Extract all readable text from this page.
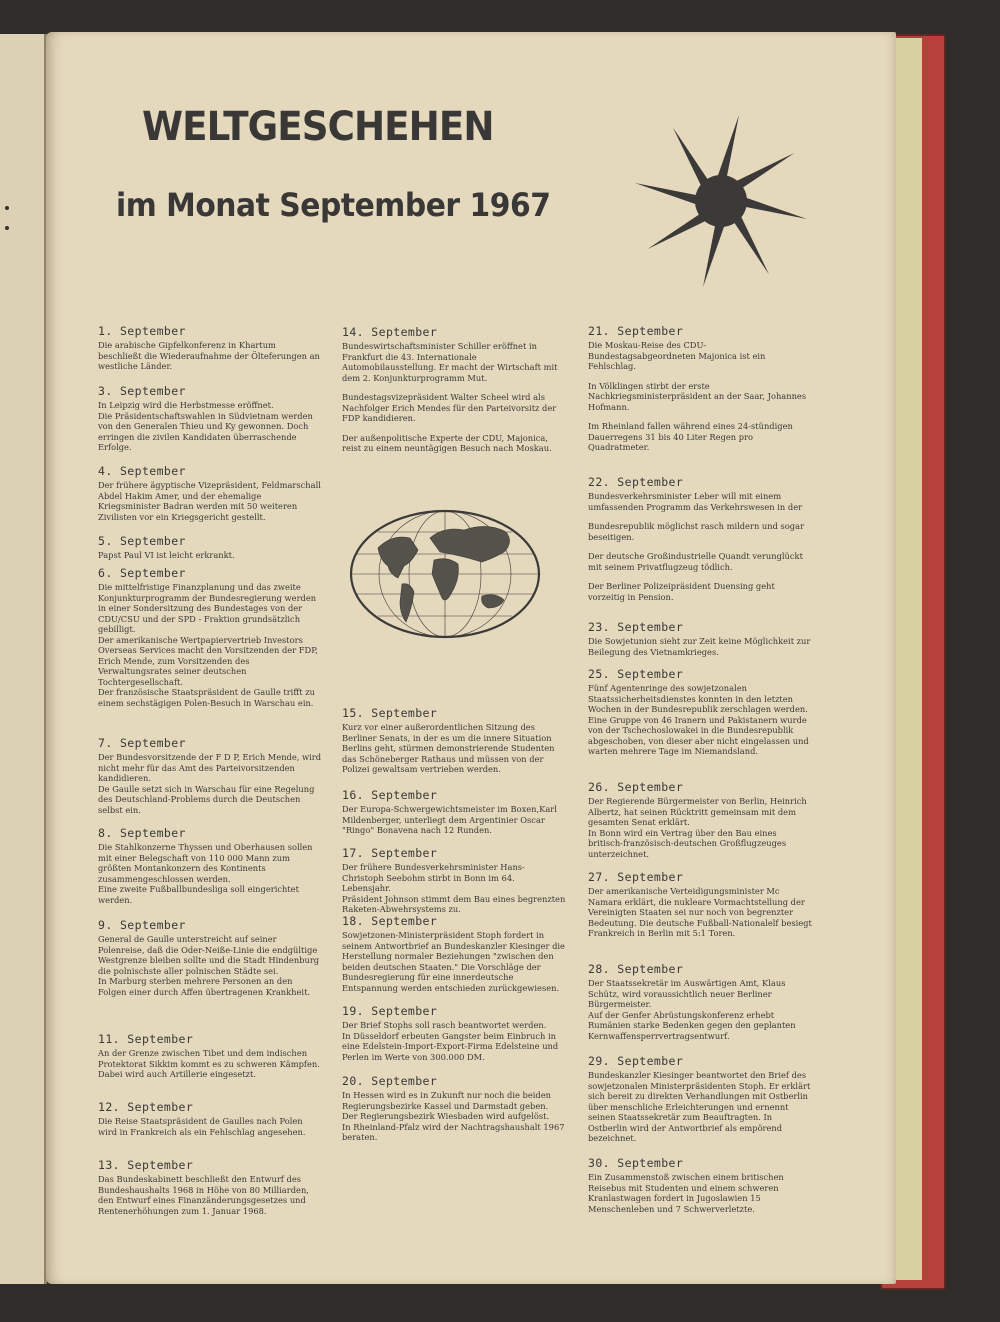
WELTGESCHEHEN
im Monat September 1967
1. September

Die arabische Gipfelkonferenz in Khartum beschließt die Wiederaufnahme der Ölteferungen an westliche Länder.

3. September

In Leipzig wird die Herbstmesse eröffnet.

Die Präsidentschaftswahlen in Südvietnam werden von den Generalen Thieu und Ky gewonnen. Doch erringen die zivilen Kandidaten überraschende Erfolge.

4. September

Der frühere ägyptische Vizepräsident, Feldmarschall Abdel Hakim Amer, und der ehemalige Kriegsminister Badran werden mit 50 weiteren Zivilisten vor ein Kriegsgericht gestellt.

5. September

Papst Paul VI ist leicht erkrankt.

6. September

Die mittelfristige Finanzplanung und das zweite Konjunkturprogramm der Bundesregierung werden in einer Sondersitzung des Bundestages von der CDU/CSU und der SPD - Fraktion grundsätzlich gebilligt.

Der amerikanische Wertpapiervertrieb Investors Overseas Services macht den Vorsitzenden der FDP, Erich Mende, zum Vorsitzenden des Verwaltungsrates seiner deutschen Tochtergesellschaft.

Der französische Staatspräsident de Gaulle trifft zu einem sechstägigen Polen-Besuch in Warschau ein.

7. September

Der Bundesvorsitzende der F D P, Erich Mende, wird nicht mehr für das Amt des Parteivorsitzenden kandidieren.

De Gaulle setzt sich in Warschau für eine Regelung des Deutschland-Problems durch die Deutschen selbst ein.

8. September

Die Stahlkonzerne Thyssen und Oberhausen sollen mit einer Belegschaft von 110 000 Mann zum größten Montankonzern des Kontinents zusammengeschlossen werden.

Eine zweite Fußballbundesliga soll eingerichtet werden.

9. September

General de Gaulle unterstreicht auf seiner Polenreise, daß die Oder-Neiße-Linie die endgültige Westgrenze bleiben sollte und die Stadt Hindenburg die polnischste aller polnischen Städte sei.

In Marburg sterben mehrere Personen an den Folgen einer durch Affen übertragenen Krankheit.

11. September

An der Grenze zwischen Tibet und dem indischen Protektorat Sikkim kommt es zu schweren Kämpfen. Dabei wird auch Artillerie eingesetzt.

12. September

Die Reise Staatspräsident de Gaulles nach Polen wird in Frankreich als ein Fehlschlag angesehen.

13. September

Das Bundeskabinett beschließt den Entwurf des Bundeshaushalts 1968 in Höhe von 80 Milliarden, den Entwurf eines Finanzänderungsgesetzes und Rentenerhöhungen zum 1. Januar 1968.

14. September

Bundeswirtschaftsminister Schiller eröffnet in Frankfurt die 43. Internationale Automobilausstellung. Er macht der Wirtschaft mit dem 2. Konjunkturprogramm Mut.

Bundestagsvizepräsident Walter Scheel wird als Nachfolger Erich Mendes für den Parteivorsitz der FDP kandidieren.

Der außenpolitische Experte der CDU, Majonica, reist zu einem neuntägigen Besuch nach Moskau.

15. September

Kurz vor einer außerordentlichen Sitzung des Berliner Senats, in der es um die innere Situation Berlins geht, stürmen demonstrierende Studenten das Schöneberger Rathaus und müssen von der Polizei gewaltsam vertrieben werden.

16. September

Der Europa-Schwergewichtsmeister im Boxen,Karl Mildenberger, unterliegt dem Argentinier Oscar "Ringo" Bonavena nach 12 Runden.

17. September

Der frühere Bundesverkehrsminister Hans-Christoph Seebohm stirbt in Bonn im 64. Lebensjahr.

Präsident Johnson stimmt dem Bau eines begrenzten Raketen-Abwehrsystems zu.

18. September

Sowjetzonen-Ministerpräsident Stoph fordert in seinem Antwortbrief an Bundeskanzler Kiesinger die Herstellung normaler Beziehungen "zwischen den beiden deutschen Staaten." Die Vorschläge der Bundesregierung für eine innerdeutsche Entspannung werden entschieden zurückgewiesen.

19. September

Der Brief Stophs soll rasch beantwortet werden.

In Düsseldorf erbeuten Gangster beim Einbruch in eine Edelstein-Import-Export-Firma Edelsteine und Perlen im Werte von 300.000 DM.

20. September

In Hessen wird es in Zukunft nur noch die beiden Regierungsbezirke Kassel und Darmstadt geben. Der Regierungsbezirk Wiesbaden wird aufgelöst.

In Rheinland-Pfalz wird der Nachtragshaushalt 1967 beraten.

21. September

Die Moskau-Reise des CDU-Bundestagsabgeordneten Majonica ist ein Fehlschlag.

In Völklingen stirbt der erste Nachkriegsministerpräsident an der Saar, Johannes Hofmann.

Im Rheinland fallen während eines 24-stündigen Dauerregens 31 bis 40 Liter Regen pro Quadratmeter.

22. September

Bundesverkehrsminister Leber will mit einem umfassenden Programm das Verkehrswesen in der

Bundesrepublik möglichst rasch mildern und sogar beseitigen.

Der deutsche Großindustrielle Quandt verunglückt mit seinem Privatflugzeug tödlich.

Der Berliner Polizeipräsident Duensing geht vorzeitig in Pension.

23. September

Die Sowjetunion sieht zur Zeit keine Möglichkeit zur Beilegung des Vietnamkrieges.

25. September

Fünf Agentenringe des sowjetzonalen Staatssicherheitsdienstes konnten in den letzten Wochen in der Bundesrepublik zerschlagen werden. Eine Gruppe von 46 Iranern und Pakistanern wurde von der Tschechoslowakei in die Bundesrepublik abgeschoben, von dieser aber nicht eingelassen und warten mehrere Tage im Niemandsland.

26. September

Der Regierende Bürgermeister von Berlin, Heinrich Albertz, hat seinen Rücktritt gemeinsam mit dem gesamten Senat erklärt.

In Bonn wird ein Vertrag über den Bau eines britisch-französisch-deutschen Großflugzeuges unterzeichnet.

27. September

Der amerikanische Verteidigungsminister Mc Namara erklärt, die nukleare Vormachtstellung der Vereinigten Staaten sei nur noch von begrenzter Bedeutung. Die deutsche Fußball-Nationalelf besiegt Frankreich in Berlin mit 5:1 Toren.

28. September

Der Staatssekretär im Auswärtigen Amt, Klaus Schütz, wird voraussichtlich neuer Berliner Bürgermeister.

Auf der Genfer Abrüstungskonferenz erhebt Rumänien starke Bedenken gegen den geplanten Kernwaffensperrvertragsentwurf.

29. September

Bundeskanzler Kiesinger beantwortet den Brief des sowjetzonalen Ministerpräsidenten Stoph. Er erklärt sich bereit zu direkten Verhandlungen mit Ostberlin über menschliche Erleichterungen und ernennt seinen Staatssekretär zum Beauftragten. In Ostberlin wird der Antwortbrief als empörend bezeichnet.

30. September

Ein Zusammenstoß zwischen einem britischen Reisebus mit Studenten und einem schweren Kranlastwagen fordert in Jugoslawien 15 Menschenleben und 7 Schwerverletzte.
